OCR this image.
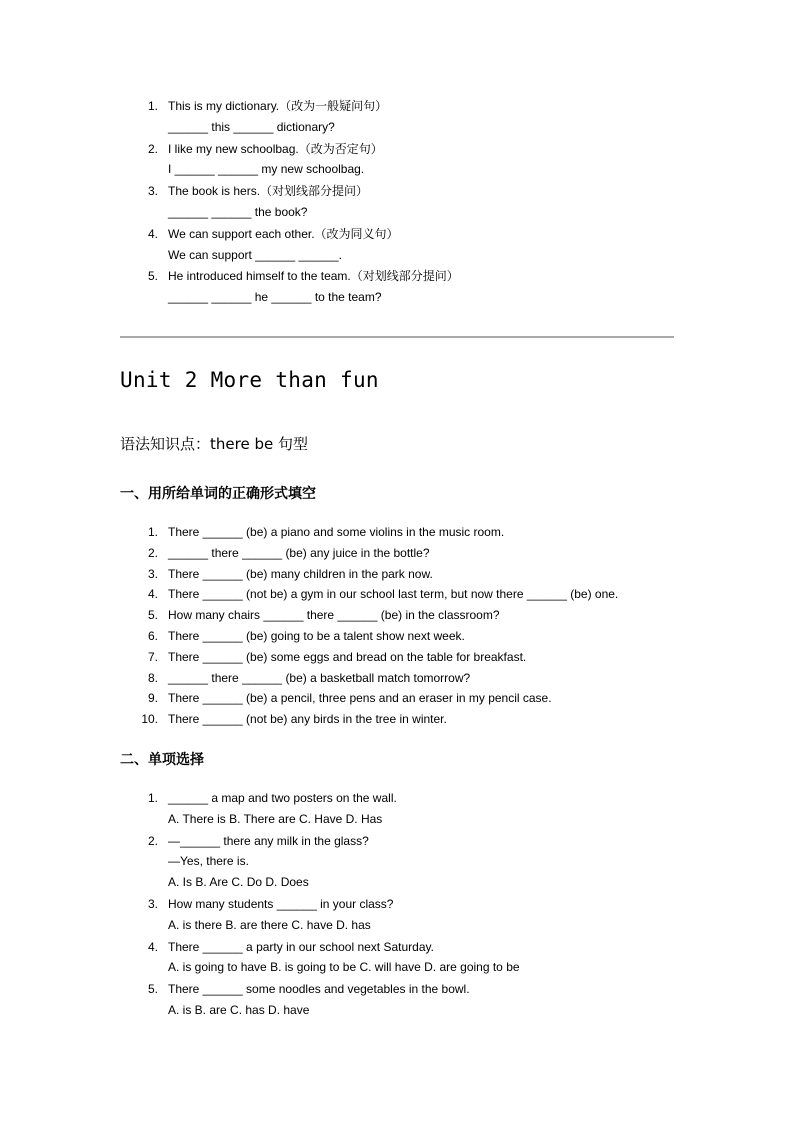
1. This is my dictionary.（改为一般疑问句）
______ this ______ dictionary?
2. I like my new schoolbag.（改为否定句）
I ______ ______ my new schoolbag.
3. The book is hers.（对划线部分提问）
______ ______ the book?
4. We can support each other.（改为同义句）
We can support ______ ______.
5. He introduced himself to the team.（对划线部分提问）
______ ______ he ______ to the team?
Unit 2 More than fun
语法知识点：there be 句型
一、用所给单词的正确形式填空
1. There ______ (be) a piano and some violins in the music room.
2. ______ there ______ (be) any juice in the bottle?
3. There ______ (be) many children in the park now.
4. There ______ (not be) a gym in our school last term, but now there ______ (be) one.
5. How many chairs ______ there ______ (be) in the classroom?
6. There ______ (be) going to be a talent show next week.
7. There ______ (be) some eggs and bread on the table for breakfast.
8. ______ there ______ (be) a basketball match tomorrow?
9. There ______ (be) a pencil, three pens and an eraser in my pencil case.
10. There ______ (not be) any birds in the tree in winter.
二、单项选择
1. ______ a map and two posters on the wall.
A. There is B. There are C. Have D. Has
2. —______ there any milk in the glass?
—Yes, there is.
A. Is B. Are C. Do D. Does
3. How many students ______ in your class?
A. is there B. are there C. have D. has
4. There ______ a party in our school next Saturday.
A. is going to have B. is going to be C. will have D. are going to be
5. There ______ some noodles and vegetables in the bowl.
A. is B. are C. has D. have
